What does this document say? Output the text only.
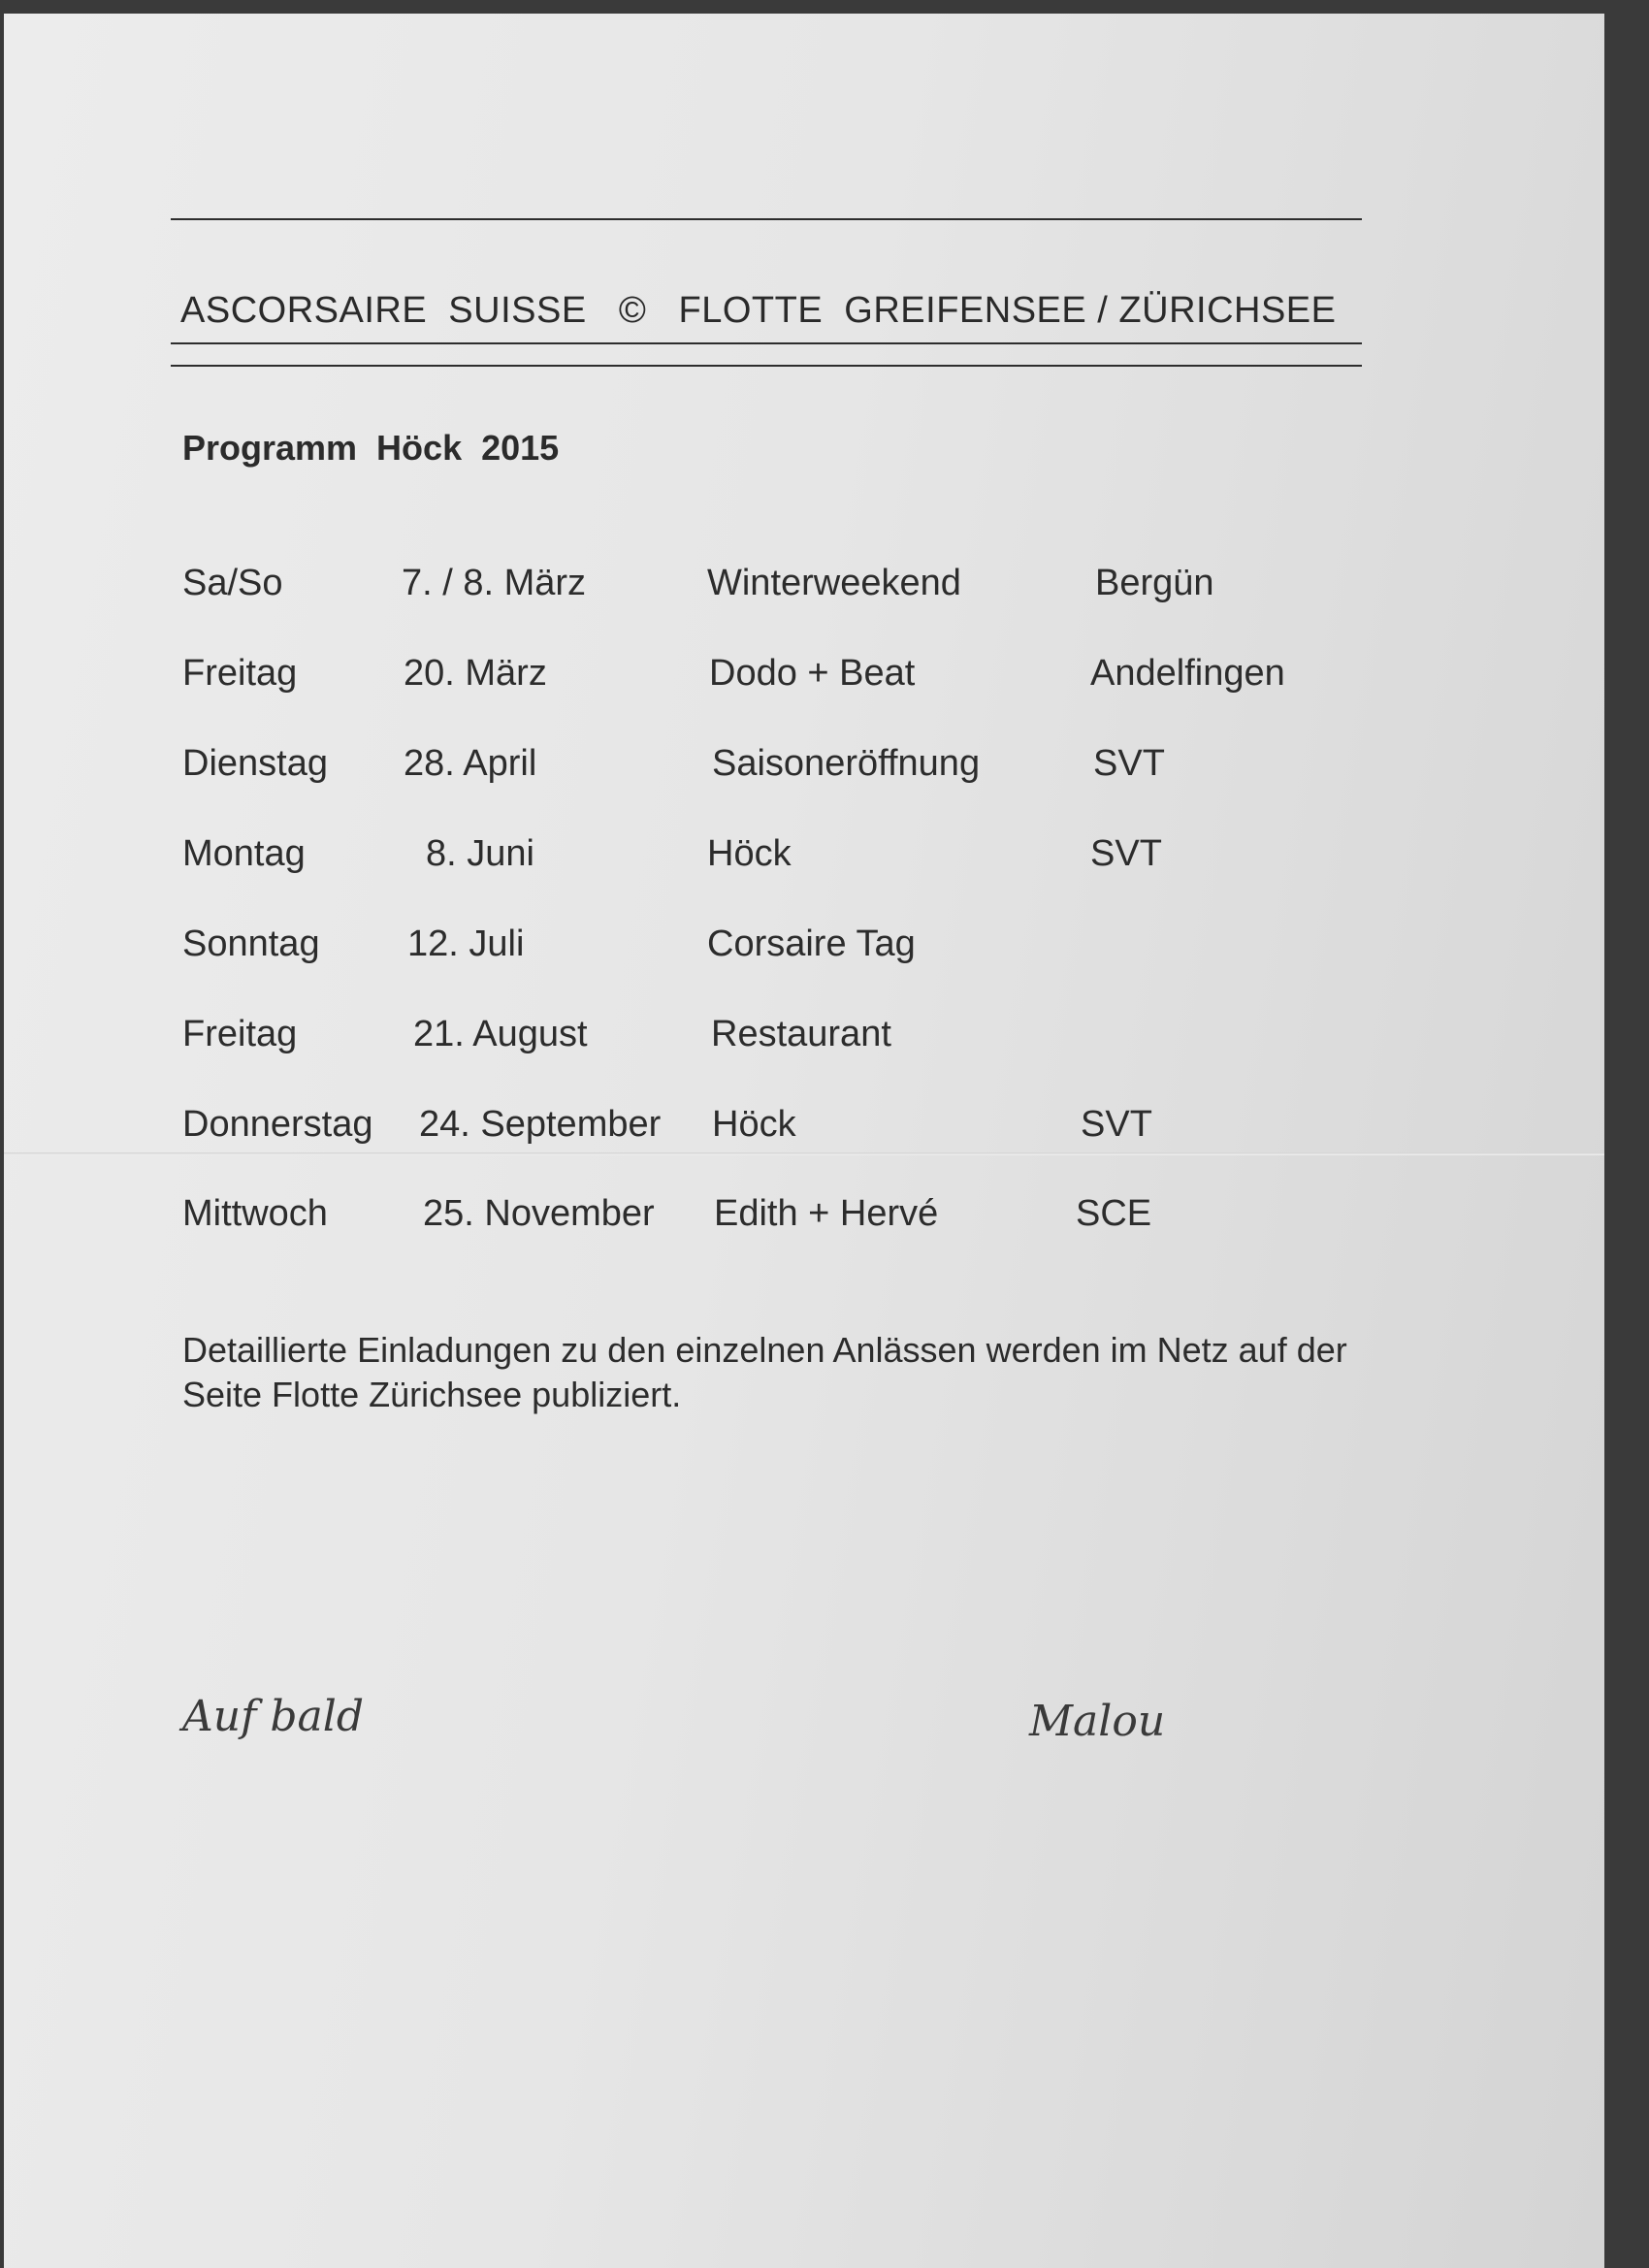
ASCORSAIRE  SUISSE   ©   FLOTTE  GREIFENSEE / ZÜRICHSEE
Programm  Höck  2015
Sa/So	7. / 8. März	Winterweekend	Bergün
Freitag	20. März	Dodo + Beat	Andelfingen
Dienstag 28. April	Saisoneröffnung	SVT
Montag	8. Juni	Höck	SVT
Sonntag 12. Juli	Corsaire Tag
Freitag	21. August	Restaurant
Donnerstag 24. September Höck	SVT
Mittwoch	25. November Edith + Hervé	SCE
Detaillierte Einladungen zu den einzelnen Anlässen werden im Netz auf der Seite Flotte Zürichsee publiziert.
Auf bald	Malou
